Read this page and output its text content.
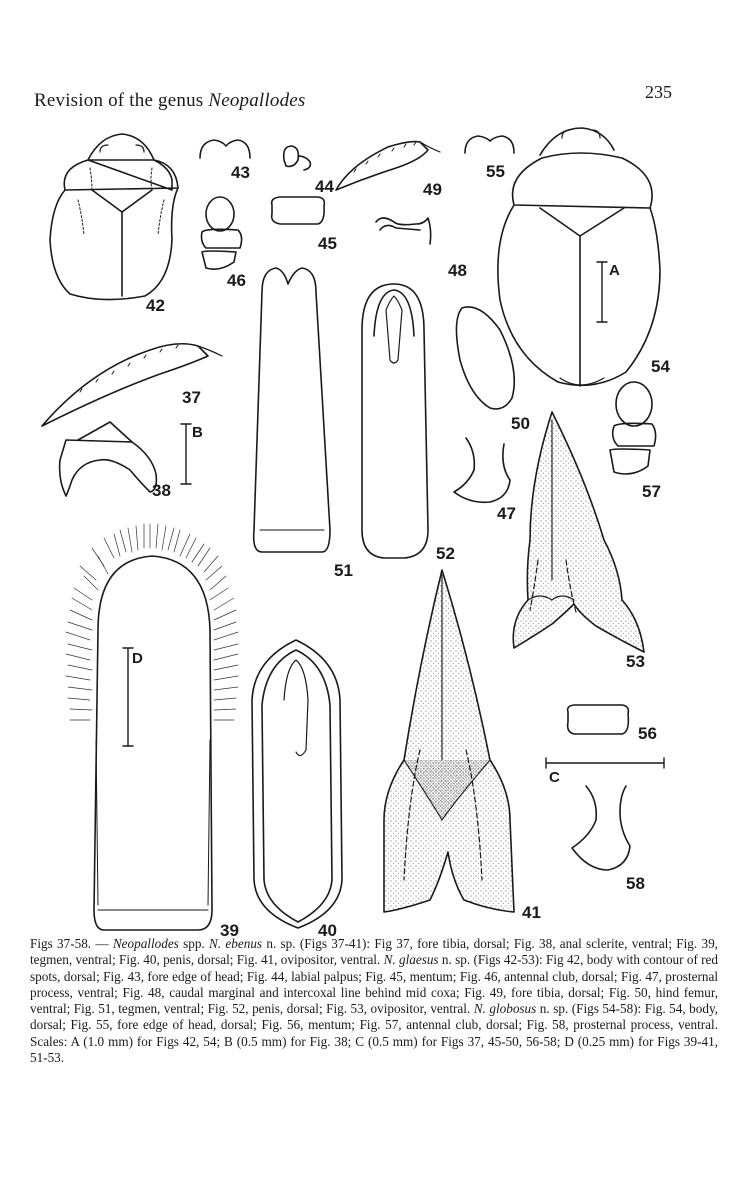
Revision of the genus Neopallodes	235
42
43
44
45
46
49
48
55
54
37
38
51
52
50
57
47
53
39	40
41
56
58
A
B
C
D
Figs 37-58. — Neopallodes spp. N. ebenus n. sp. (Figs 37-41): Fig 37, fore tibia, dorsal; Fig. 38, anal sclerite, ventral; Fig. 39, tegmen, ventral; Fig. 40, penis, dorsal; Fig. 41, ovipositor, ventral. N. glaesus n. sp. (Figs 42-53): Fig 42, body with contour of red spots, dorsal; Fig. 43, fore edge of head; Fig. 44, labial palpus; Fig. 45, mentum; Fig. 46, antennal club, dorsal; Fig. 47, prosternal process, ventral; Fig. 48, caudal marginal and intercoxal line behind mid coxa; Fig. 49, fore tibia, dorsal; Fig. 50, hind femur, ventral; Fig. 51, tegmen, ventral; Fig. 52, penis, dorsal; Fig. 53, ovipositor, ventral. N. globosus n. sp. (Figs 54-58): Fig. 54, body, dorsal; Fig. 55, fore edge of head, dorsal; Fig. 56, mentum; Fig. 57, antennal club, dorsal; Fig. 58, prosternal process, ventral. Scales: A (1.0 mm) for Figs 42, 54; B (0.5 mm) for Fig. 38; C (0.5 mm) for Figs 37, 45-50, 56-58; D (0.25 mm) for Figs 39-41, 51-53.
